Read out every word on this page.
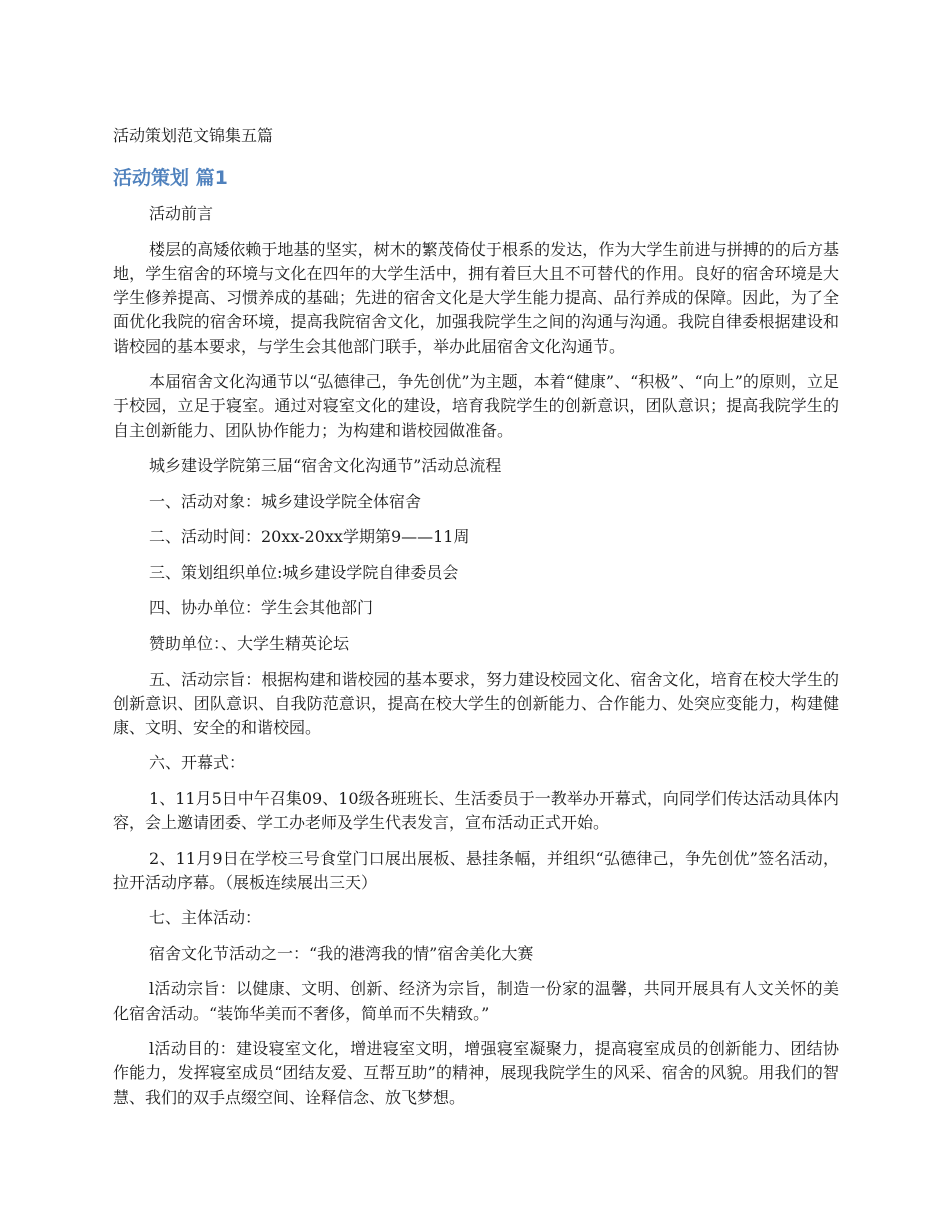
活动策划范文锦集五篇
活动策划 篇1

活动前言

楼层的高矮依赖于地基的坚实，树木的繁茂倚仗于根系的发达，作为大学生前进与拼搏的的后方基地，学生宿舍的环境与文化在四年的大学生活中，拥有着巨大且不可替代的作用。良好的宿舍环境是大学生修养提高、习惯养成的基础；先进的宿舍文化是大学生能力提高、品行养成的保障。因此，为了全面优化我院的宿舍环境，提高我院宿舍文化，加强我院学生之间的沟通与沟通。我院自律委根据建设和谐校园的基本要求，与学生会其他部门联手，举办此届宿舍文化沟通节。

本届宿舍文化沟通节以“弘德律己，争先创优”为主题，本着“健康”、“积极”、“向上”的原则，立足于校园，立足于寝室。通过对寝室文化的建设，培育我院学生的创新意识，团队意识；提高我院学生的自主创新能力、团队协作能力；为构建和谐校园做准备。

城乡建设学院第三届“宿舍文化沟通节”活动总流程

一、活动对象：城乡建设学院全体宿舍

二、活动时间：20xx-20xx学期第9——11周

三、策划组织单位:城乡建设学院自律委员会

四、协办单位：学生会其他部门

赞助单位：、大学生精英论坛

五、活动宗旨：根据构建和谐校园的基本要求，努力建设校园文化、宿舍文化，培育在校大学生的创新意识、团队意识、自我防范意识，提高在校大学生的创新能力、合作能力、处突应变能力，构建健康、文明、安全的和谐校园。

六、开幕式：

1、11月5日中午召集09、10级各班班长、生活委员于一教举办开幕式，向同学们传达活动具体内容，会上邀请团委、学工办老师及学生代表发言，宣布活动正式开始。

2、11月9日在学校三号食堂门口展出展板、悬挂条幅，并组织“弘德律己，争先创优”签名活动，拉开活动序幕。（展板连续展出三天）

七、主体活动：

宿舍文化节活动之一：“我的港湾我的情”宿舍美化大赛

l活动宗旨：以健康、文明、创新、经济为宗旨，制造一份家的温馨，共同开展具有人文关怀的美化宿舍活动。“装饰华美而不奢侈，简单而不失精致。”

l活动目的：建设寝室文化，增进寝室文明，增强寝室凝聚力，提高寝室成员的创新能力、团结协作能力，发挥寝室成员“团结友爱、互帮互助”的精神，展现我院学生的风采、宿舍的风貌。用我们的智慧、我们的双手点缀空间、诠释信念、放飞梦想。
